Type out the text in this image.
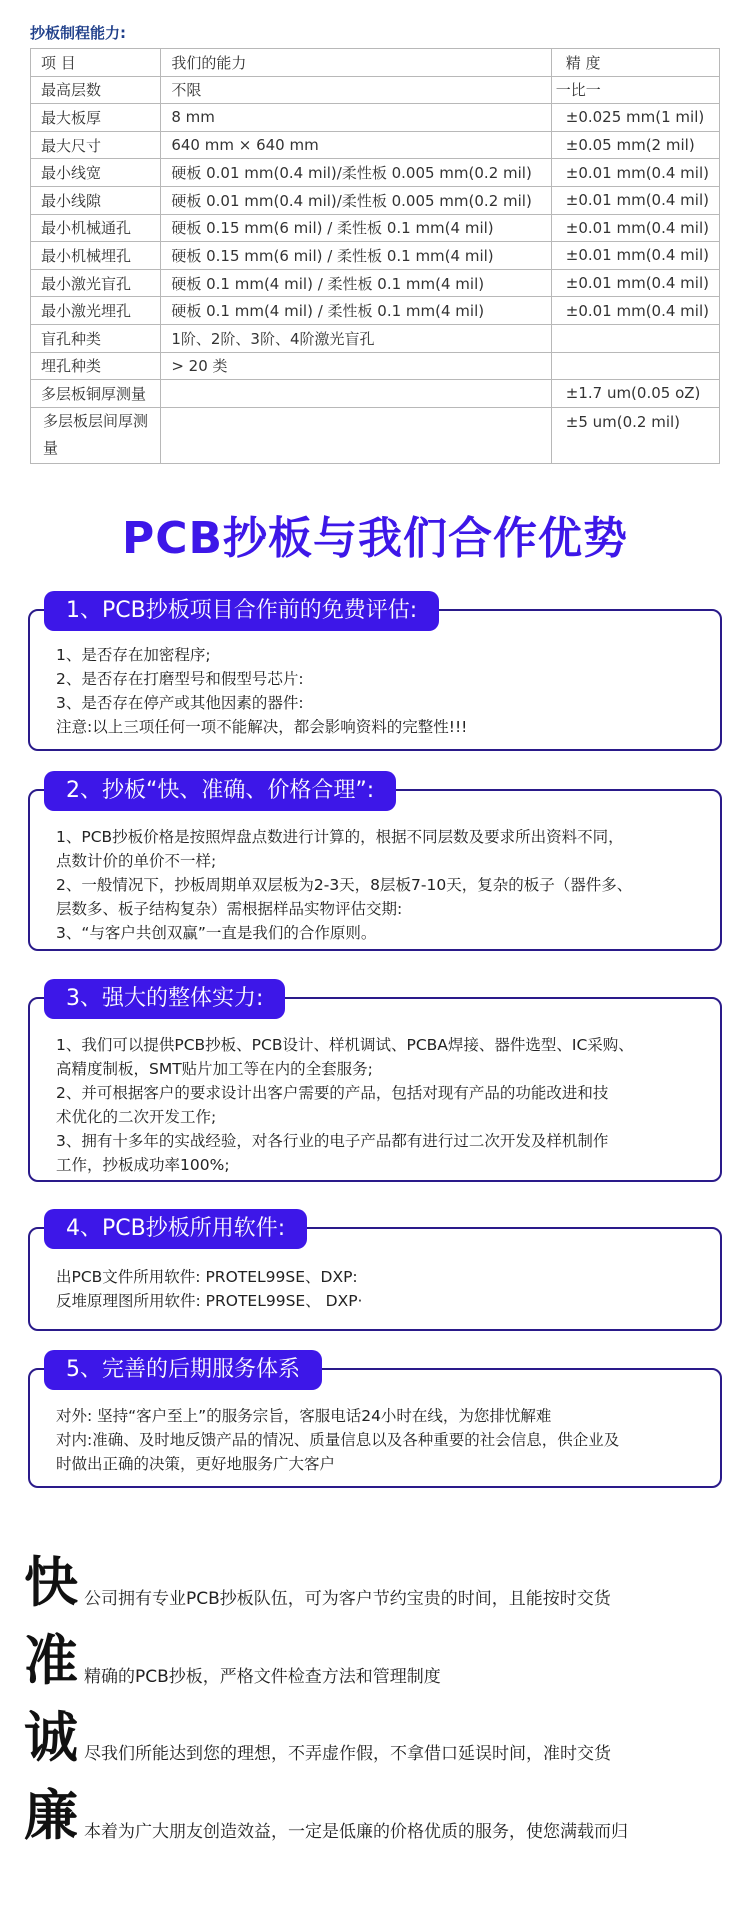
抄板制程能力:
项 目	我们的能力	精 度
最高层数	不限	一比一
最大板厚	8 mm	±0.025 mm(1 mil)
最大尺寸	640 mm × 640 mm	±0.05 mm(2 mil)
最小线宽	硬板 0.01 mm(0.4 mil)/柔性板 0.005 mm(0.2 mil)	±0.01 mm(0.4 mil)
最小线隙	硬板 0.01 mm(0.4 mil)/柔性板 0.005 mm(0.2 mil)	±0.01 mm(0.4 mil)
最小机械通孔	硬板 0.15 mm(6 mil) / 柔性板 0.1 mm(4 mil)	±0.01 mm(0.4 mil)
最小机械埋孔	硬板 0.15 mm(6 mil) / 柔性板 0.1 mm(4 mil)	±0.01 mm(0.4 mil)
最小激光盲孔	硬板 0.1 mm(4 mil) / 柔性板 0.1 mm(4 mil)	±0.01 mm(0.4 mil)
最小激光埋孔	硬板 0.1 mm(4 mil) / 柔性板 0.1 mm(4 mil)	±0.01 mm(0.4 mil)
盲孔种类	1阶、2阶、3阶、4阶激光盲孔	
埋孔种类	> 20 类	
多层板铜厚测量		±1.7 um(0.05 oZ)

多层板层间厚测量		±5 um(0.2 mil)
PCB抄板与我们合作优势
1、PCB抄板项目合作前的免费评估:

1、是否存在加密程序;

2、是否存在打磨型号和假型号芯片:

3、是否存在停产或其他因素的器件:

注意:以上三项任何一项不能解决，都会影响资料的完整性!!!

2、抄板“快、准确、价格合理”:

1、PCB抄板价格是按照焊盘点数进行计算的，根据不同层数及要求所出资料不同，

点数计价的单价不一样;

2、一般情况下，抄板周期单双层板为2-3天，8层板7-10天，复杂的板子（器件多、

层数多、板子结构复杂）需根据样品实物评估交期:

3、“与客户共创双赢”一直是我们的合作原则。

3、强大的整体实力:

1、我们可以提供PCB抄板、PCB设计、样机调试、PCBA焊接、器件选型、IC采购、

高精度制板，SMT贴片加工等在内的全套服务;

2、并可根据客户的要求设计出客户需要的产品，包括对现有产品的功能改进和技

术优化的二次开发工作;

3、拥有十多年的实战经验，对各行业的电子产品都有进行过二次开发及样机制作

工作，抄板成功率100%;

4、PCB抄板所用软件:

出PCB文件所用软件: PROTEL99SE、DXP:

反堆原理图所用软件: PROTEL99SE、 DXP·

5、完善的后期服务体系

对外: 坚持“客户至上”的服务宗旨，客服电话24小时在线，为您排忧解难

对内:准确、及时地反馈产品的情况、质量信息以及各种重要的社会信息，供企业及

时做出正确的决策，更好地服务广大客户

快 公司拥有专业PCB抄板队伍，可为客户节约宝贵的时间，且能按时交货
准 精确的PCB抄板，严格文件检查方法和管理制度
诚 尽我们所能达到您的理想，不弄虚作假，不拿借口延误时间，准时交货
廉 本着为广大朋友创造效益，一定是低廉的价格优质的服务，使您满载而归
